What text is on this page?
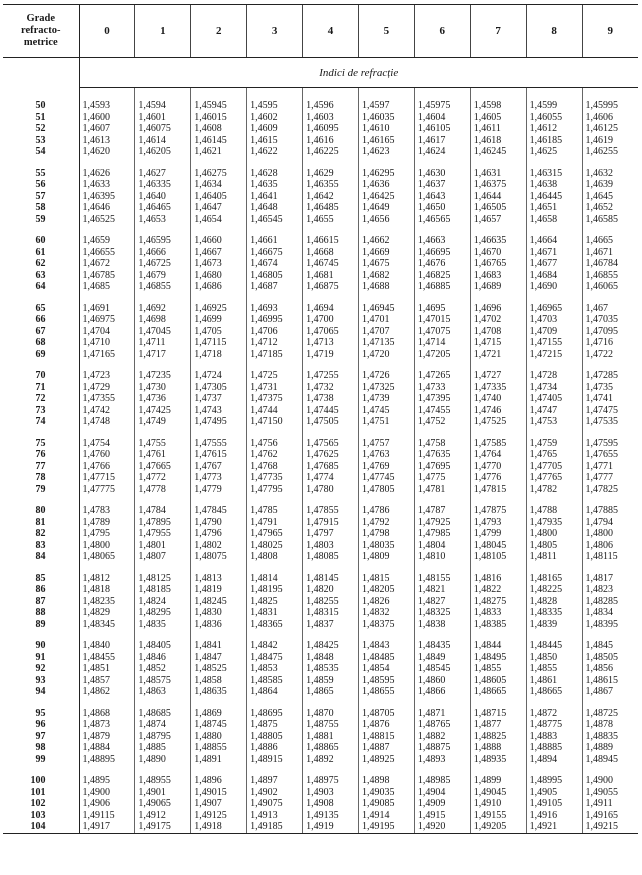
Grade
refracto-
metrice	0	1	2	3	4	5	6	7	8	9
	Indici de refracție									

50	1,4593	1,4594	1,45945	1,4595	1,4596	1,4597	1,45975	1,4598	1,4599	1,45995
51	1,4600	1,4601	1,46015	1,4602	1,4603	1,46035	1,4604	1,4605	1,46055	1,4606
52	1,4607	1,46075	1,4608	1,4609	1,46095	1,4610	1,46105	1,4611	1,4612	1,46125
53	1,4613	1,4614	1,46145	1,4615	1,4616	1,46165	1,4617	1,4618	1,46185	1,4619
54	1,4620	1,46205	1,4621	1,4622	1,46225	1,4623	1,4624	1,46245	1,4625	1,46255
55	1,4626	1,4627	1,46275	1,4628	1,4629	1,46295	1,4630	1,4631	1,46315	1,4632
56	1,4633	1,46335	1,4634	1,4635	1,46355	1,4636	1,4637	1,46375	1,4638	1,4639
57	1,46395	1,4640	1,46405	1,4641	1,4642	1,46425	1,4643	1,4644	1,46445	1,4645
58	1,4646	1,46465	1,4647	1,4648	1,46485	1,4649	1,4650	1,46505	1,4651	1,4652
59	1,46525	1,4653	1,4654	1,46545	1,4655	1,4656	1,46565	1,4657	1,4658	1,46585
60	1,4659	1,46595	1,4660	1,4661	1,46615	1,4662	1,4663	1,46635	1,4664	1,4665
61	1,46655	1,4666	1,4667	1,46675	1,4668	1,4669	1,46695	1,4670	1,4671	1,4671
62	1,4672	1,46725	1,4673	1,4674	1,46745	1,4675	1,4676	1,46765	1,4677	1,46784
63	1,46785	1,4679	1,4680	1,46805	1,4681	1,4682	1,46825	1,4683	1,4684	1,46855
64	1,4685	1,46855	1,4686	1,4687	1,46875	1,4688	1,46885	1,4689	1,4690	1,46065
65	1,4691	1,4692	1,46925	1,4693	1,4694	1,46945	1,4695	1,4696	1,46965	1,467
66	1,46975	1,4698	1,4699	1,46995	1,4700	1,4701	1,47015	1,4702	1,4703	1,47035
67	1,4704	1,47045	1,4705	1,4706	1,47065	1,4707	1,47075	1,4708	1,4709	1,47095
68	1,4710	1,4711	1,47115	1,4712	1,4713	1,47135	1,4714	1,4715	1,47155	1,4716
69	1,47165	1,4717	1,4718	1,47185	1,4719	1,4720	1,47205	1,4721	1,47215	1,4722
70	1,4723	1,47235	1,4724	1,4725	1,47255	1,4726	1,47265	1,4727	1,4728	1,47285
71	1,4729	1,4730	1,47305	1,4731	1,4732	1,47325	1,4733	1,47335	1,4734	1,4735
72	1,47355	1,4736	1,4737	1,47375	1,4738	1,4739	1,47395	1,4740	1,47405	1,4741
73	1,4742	1,47425	1,4743	1,4744	1,47445	1,4745	1,47455	1,4746	1,4747	1,47475
74	1,4748	1,4749	1,47495	1,47150	1,47505	1,4751	1,4752	1,47525	1,4753	1,47535
75	1,4754	1,4755	1,47555	1,4756	1,47565	1,4757	1,4758	1,47585	1,4759	1,47595
76	1,4760	1,4761	1,47615	1,4762	1,47625	1,4763	1,47635	1,4764	1,4765	1,47655
77	1,4766	1,47665	1,4767	1,4768	1,47685	1,4769	1,47695	1,4770	1,47705	1,4771
78	1,47715	1,4772	1,4773	1,47735	1,4774	1,47745	1,4775	1,4776	1,47765	1,4777
79	1,47775	1,4778	1,4779	1,47795	1,4780	1,47805	1,4781	1,47815	1,4782	1,47825
80	1,4783	1,4784	1,47845	1,4785	1,47855	1,4786	1,4787	1,47875	1,4788	1,47885
81	1,4789	1,47895	1,4790	1,4791	1,47915	1,4792	1,47925	1,4793	1,47935	1,4794
82	1,4795	1,47955	1,4796	1,47965	1,4797	1,4798	1,47985	1,4799	1,4800	1,4800
83	1,4800	1,4801	1,4802	1,48025	1,4803	1,48035	1,4804	1,48045	1,4805	1,4806
84	1,48065	1,4807	1,48075	1,4808	1,48085	1,4809	1,4810	1,48105	1,4811	1,48115
85	1,4812	1,48125	1,4813	1,4814	1,48145	1,4815	1,48155	1,4816	1,48165	1,4817
86	1,4818	1,48185	1,4819	1,48195	1,4820	1,48205	1,4821	1,4822	1,48225	1,4823
87	1,48235	1,4824	1,48245	1,4825	1,48255	1,4826	1,4827	1,48275	1,4828	1,48285
88	1,4829	1,48295	1,4830	1,4831	1,48315	1,4832	1,48325	1,4833	1,48335	1,4834
89	1,48345	1,4835	1,4836	1,48365	1,4837	1,48375	1,4838	1,48385	1,4839	1,48395
90	1,4840	1,48405	1,4841	1,4842	1,48425	1,4843	1,48435	1,4844	1,48445	1,4845
91	1,48455	1,4846	1,4847	1,48475	1,4848	1,48485	1,4849	1,48495	1,4850	1,48505
92	1,4851	1,4852	1,48525	1,4853	1,48535	1,4854	1,48545	1,4855	1,4855	1,4856
93	1,4857	1,48575	1,4858	1,48585	1,4859	1,48595	1,4860	1,48605	1,4861	1,48615
94	1,4862	1,4863	1,48635	1,4864	1,4865	1,48655	1,4866	1,48665	1,48665	1,4867
95	1,4868	1,48685	1,4869	1,48695	1,4870	1,48705	1,4871	1,48715	1,4872	1,48725
96	1,4873	1,4874	1,48745	1,4875	1,48755	1,4876	1,48765	1,4877	1,48775	1,4878
97	1,4879	1,48795	1,4880	1,48805	1,4881	1,48815	1,4882	1,48825	1,4883	1,48835
98	1,4884	1,4885	1,48855	1,4886	1,48865	1,4887	1,48875	1,4888	1,48885	1,4889
99	1,48895	1,4890	1,4891	1,48915	1,4892	1,48925	1,4893	1,48935	1,4894	1,48945
100	1,4895	1,48955	1,4896	1,4897	1,48975	1,4898	1,48985	1,4899	1,48995	1,4900
101	1,4900	1,4901	1,49015	1,4902	1,4903	1,49035	1,4904	1,49045	1,4905	1,49055
102	1,4906	1,49065	1,4907	1,49075	1,4908	1,49085	1,4909	1,4910	1,49105	1,4911
103	1,49115	1,4912	1,49125	1,4913	1,49135	1,4914	1,4915	1,49155	1,4916	1,49165
104	1,4917	1,49175	1,4918	1,49185	1,4919	1,49195	1,4920	1,49205	1,4921	1,49215
